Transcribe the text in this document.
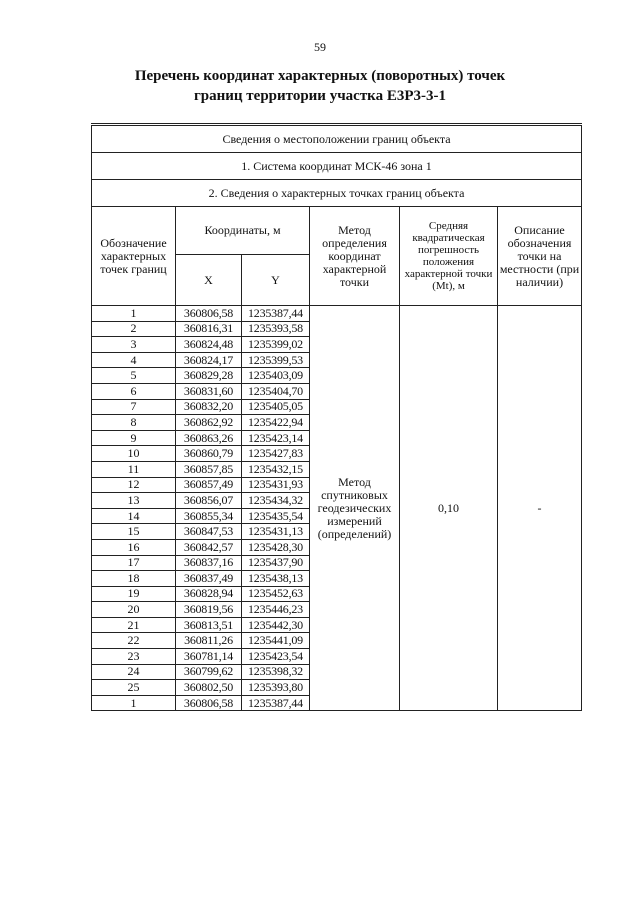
59
Перечень координат характерных (поворотных) точек
границ территории участка Е3Р3-3-1
Сведения о местоположении границ объекта					
1. Система координат МСК-46 зона 1					
2. Сведения о характерных точках границ объекта					
Обозначение характерных точек границ	Координаты, м		Метод определения координат характерной точки	Средняя квадратическая погрешность положения характерной точки (Mt), м	Описание обозначения точки на местности (при наличии)
	X	Y			
1	360806,58	1235387,44	Метод спутниковых геодезических измерений (определений)	0,10	-
2	360816,31	1235393,58			
3	360824,48	1235399,02			
4	360824,17	1235399,53			
5	360829,28	1235403,09			
6	360831,60	1235404,70			
7	360832,20	1235405,05			
8	360862,92	1235422,94			
9	360863,26	1235423,14			
10	360860,79	1235427,83			
11	360857,85	1235432,15			
12	360857,49	1235431,93			
13	360856,07	1235434,32			
14	360855,34	1235435,54			
15	360847,53	1235431,13			
16	360842,57	1235428,30			
17	360837,16	1235437,90			
18	360837,49	1235438,13			
19	360828,94	1235452,63			
20	360819,56	1235446,23			
21	360813,51	1235442,30			
22	360811,26	1235441,09			
23	360781,14	1235423,54			
24	360799,62	1235398,32			
25	360802,50	1235393,80			
1	360806,58	1235387,44			
